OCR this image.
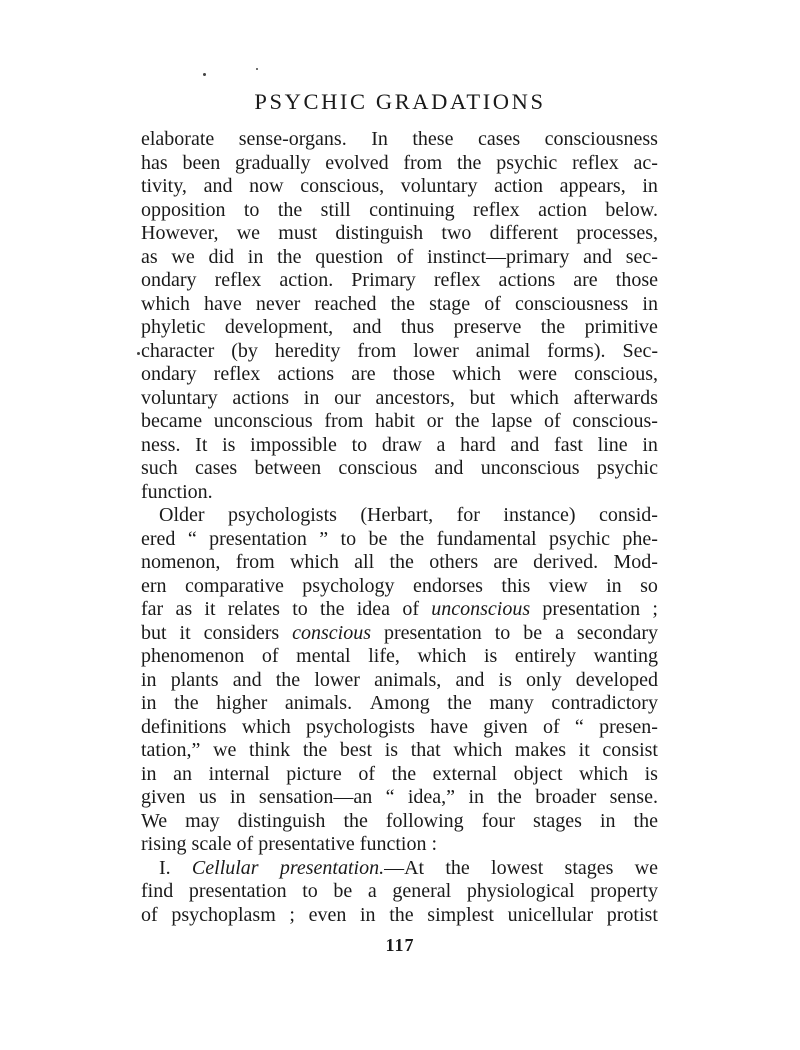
PSYCHIC GRADATIONS
elaborate sense-organs. In these cases consciousness
has been gradually evolved from the psychic reflex ac-
tivity, and now conscious, voluntary action appears, in
opposition to the still continuing reflex action below.
However, we must distinguish two different processes,
as we did in the question of instinct—primary and sec-
ondary reflex action. Primary reflex actions are those
which have never reached the stage of consciousness in
phyletic development, and thus preserve the primitive
character (by heredity from lower animal forms). Sec-
ondary reflex actions are those which were conscious,
voluntary actions in our ancestors, but which afterwards
became unconscious from habit or the lapse of conscious-
ness. It is impossible to draw a hard and fast line in
such cases between conscious and unconscious psychic
function.
Older psychologists (Herbart, for instance) consid-
ered “ presentation ” to be the fundamental psychic phe-
nomenon, from which all the others are derived. Mod-
ern comparative psychology endorses this view in so
far as it relates to the idea of unconscious presentation ;
but it considers conscious presentation to be a secondary
phenomenon of mental life, which is entirely wanting
in plants and the lower animals, and is only developed
in the higher animals. Among the many contradictory
definitions which psychologists have given of “ presen-
tation,” we think the best is that which makes it consist
in an internal picture of the external object which is
given us in sensation—an “ idea,” in the broader sense.
We may distinguish the following four stages in the
rising scale of presentative function :
I. Cellular presentation.—At the lowest stages we
find presentation to be a general physiological property
of psychoplasm ; even in the simplest unicellular protist
117
